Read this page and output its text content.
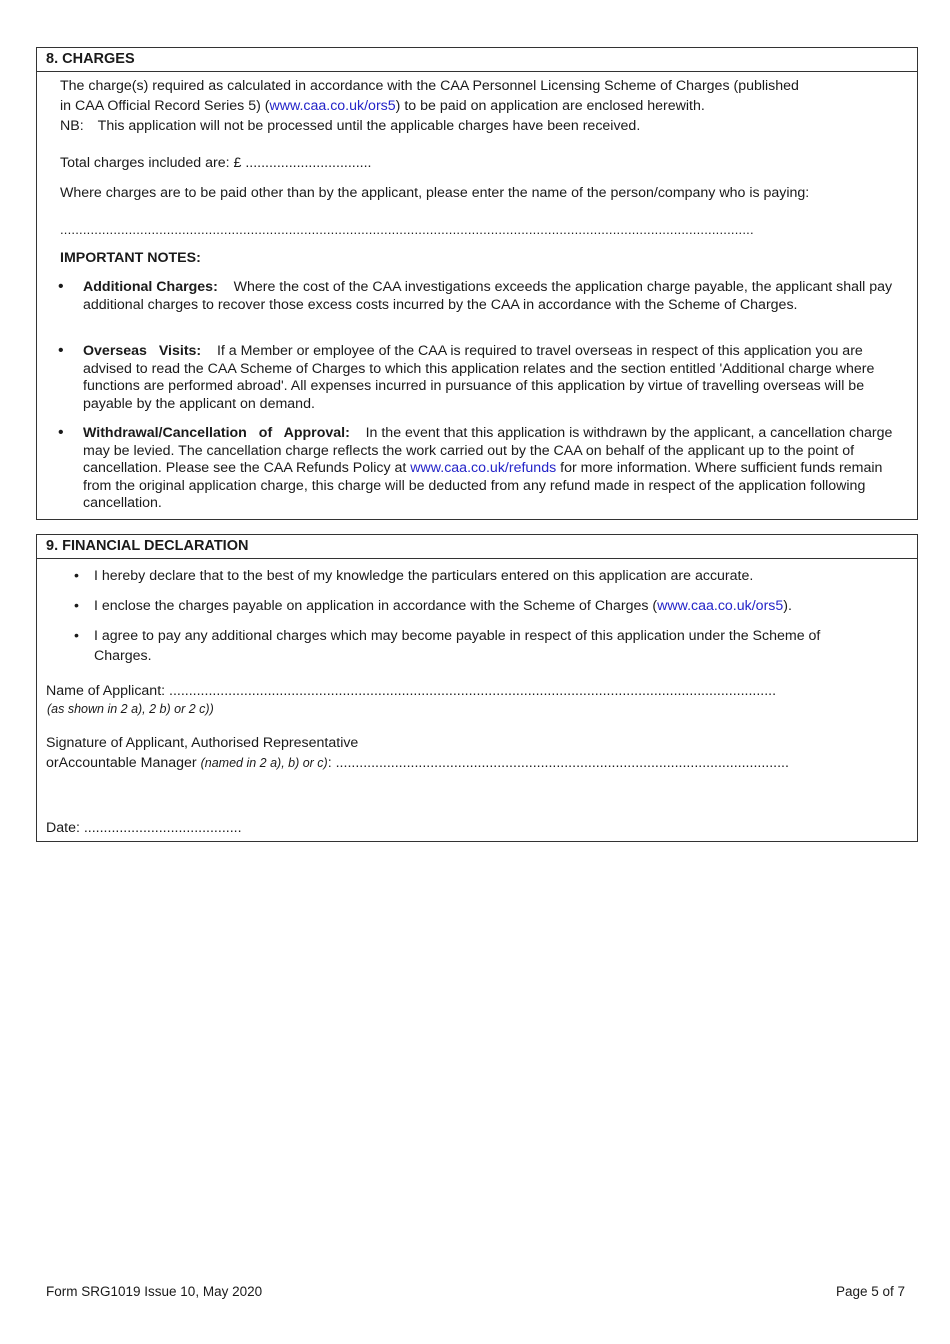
8. CHARGES
The charge(s) required as calculated in accordance with the CAA Personnel Licensing Scheme of Charges (published
in CAA Official Record Series 5) (www.caa.co.uk/ors5) to be paid on application are enclosed herewith.
NB: This application will not be processed until the applicable charges have been received.
Total charges included are: £ ................................
Where charges are to be paid other than by the applicant, please enter the name of the person/company who is paying:
......................................................................................................................................................................................
IMPORTANT NOTES:
• Additional Charges: Where the cost of the CAA investigations exceeds the application charge payable, the applicant shall pay additional charges to recover those excess costs incurred by the CAA in accordance with the Scheme of Charges.
• Overseas Visits: If a Member or employee of the CAA is required to travel overseas in respect of this application you are advised to read the CAA Scheme of Charges to which this application relates and the section entitled 'Additional charge where functions are performed abroad'. All expenses incurred in pursuance of this application by virtue of travelling overseas will be payable by the applicant on demand.
• Withdrawal/Cancellation of Approval: In the event that this application is withdrawn by the applicant, a cancellation charge may be levied. The cancellation charge reflects the work carried out by the CAA on behalf of the applicant up to the point of cancellation. Please see the CAA Refunds Policy at www.caa.co.uk/refunds for more information. Where sufficient funds remain from the original application charge, this charge will be deducted from any refund made in respect of the application following cancellation.
9. FINANCIAL DECLARATION
• I hereby declare that to the best of my knowledge the particulars entered on this application are accurate.
• I enclose the charges payable on application in accordance with the Scheme of Charges (www.caa.co.uk/ors5).
• I agree to pay any additional charges which may become payable in respect of this application under the Scheme of
Charges.
Name of Applicant: ..........................................................................................................................................................
(as shown in 2 a), 2 b) or 2 c))
Signature of Applicant, Authorised Representative
orAccountable Manager (named in 2 a), b) or c): ...................................................................................................................
Date: ........................................
Form SRG1019 Issue 10, May 2020	Page 5 of 7
